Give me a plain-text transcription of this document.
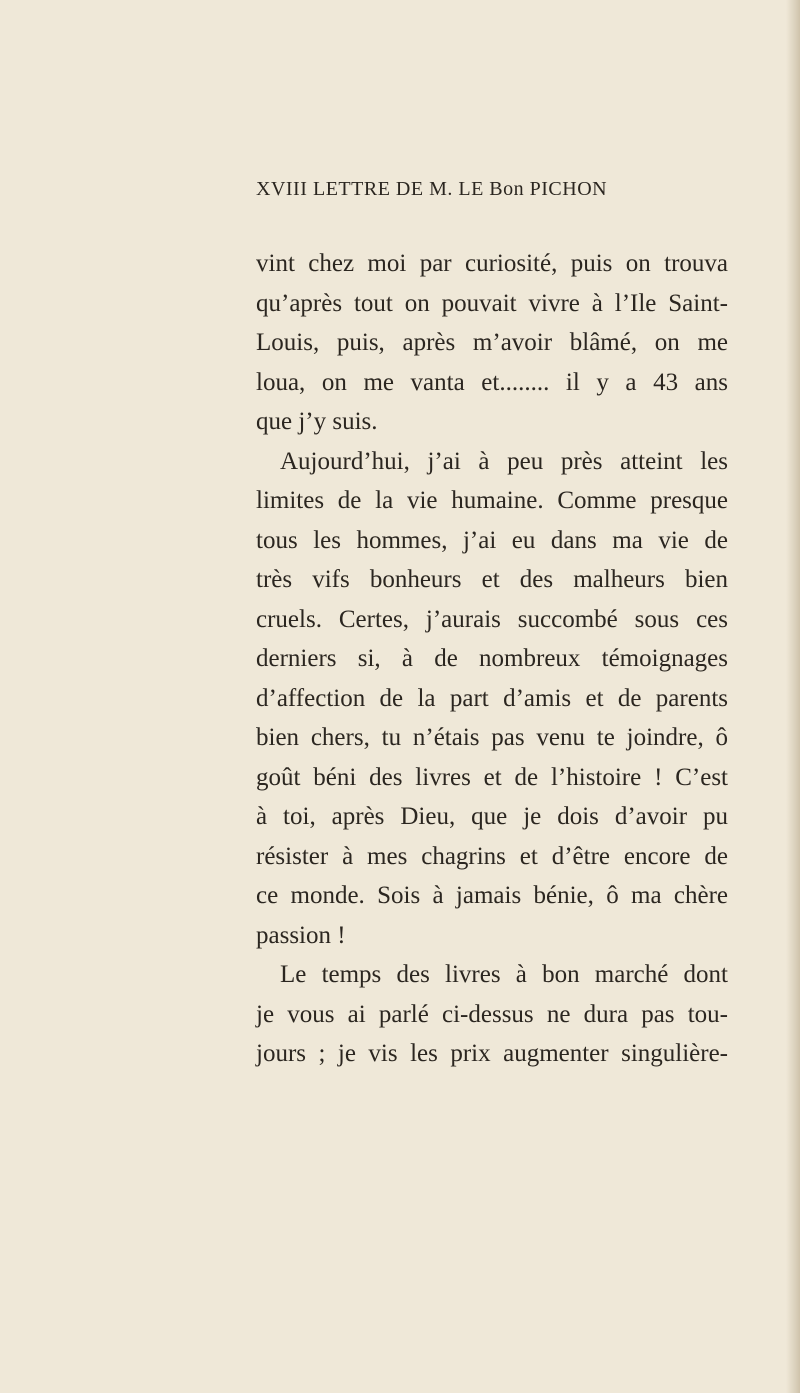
XVIII LETTRE DE M. LE Bon PICHON
vint chez moi par curiosité, puis on trouva
qu’après tout on pouvait vivre à l’Ile Saint-
Louis, puis, après m’avoir blâmé, on me
loua, on me vanta et........ il y a 43 ans
que j’y suis.
Aujourd’hui, j’ai à peu près atteint les
limites de la vie humaine. Comme presque
tous les hommes, j’ai eu dans ma vie de
très vifs bonheurs et des malheurs bien
cruels. Certes, j’aurais succombé sous ces
derniers si, à de nombreux témoignages
d’affection de la part d’amis et de parents
bien chers, tu n’étais pas venu te joindre, ô
goût béni des livres et de l’histoire ! C’est
à toi, après Dieu, que je dois d’avoir pu
résister à mes chagrins et d’être encore de
ce monde. Sois à jamais bénie, ô ma chère
passion !
Le temps des livres à bon marché dont
je vous ai parlé ci-dessus ne dura pas tou-
jours ; je vis les prix augmenter singulière-
